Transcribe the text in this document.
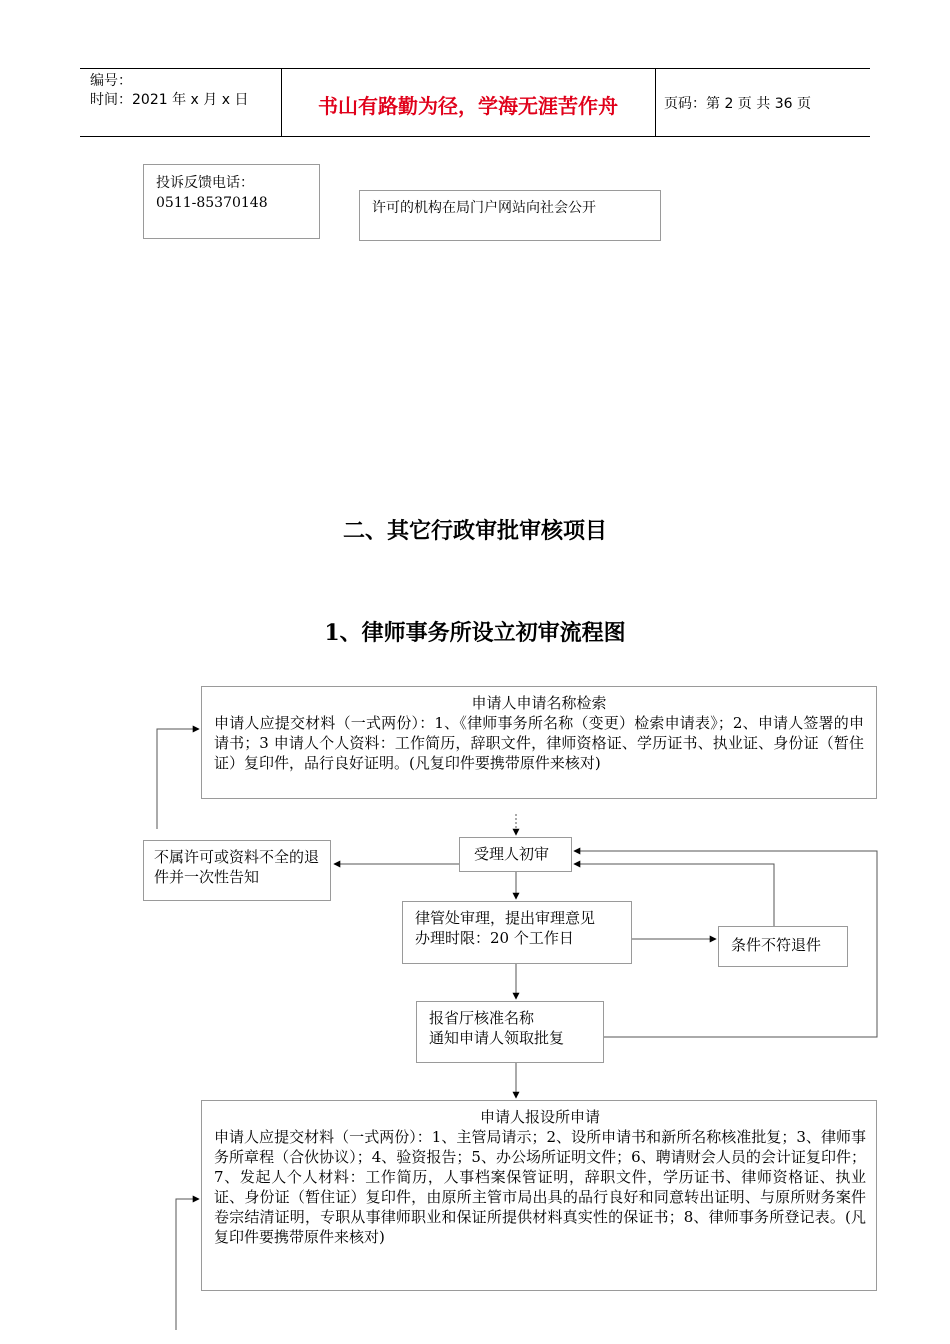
编号：
时间：2021 年 x 月 x 日	书山有路勤为径，学海无涯苦作舟	页码：第 2 页 共 36 页
投诉反馈电话：
0511-85370148	许可的机构在局门户网站向社会公开
二、其它行政审批审核项目
1、律师事务所设立初审流程图
申请人申请名称检索
申请人应提交材料（一式两份）：1、《律师事务所名称（变更）检索申请表》；2、申请人签署的申请书；3 申请人个人资料：工作简历，辞职文件，律师资格证、学历证书、执业证、身份证（暂住证）复印件，品行良好证明。(凡复印件要携带原件来核对)
不属许可或资料不全的退件并一次性告知
受理人初审
律管处审理，提出审理意见
办理时限：20 个工作日	条件不符退件
报省厅核准名称
通知申请人领取批复
申请人报设所申请
申请人应提交材料（一式两份）：1、主管局请示；2、设所申请书和新所名称核准批复；3、律师事务所章程（合伙协议）；4、验资报告；5、办公场所证明文件；6、聘请财会人员的会计证复印件；7、发起人个人材料：工作简历，人事档案保管证明，辞职文件，学历证书、律师资格证、执业证、身份证（暂住证）复印件，由原所主管市局出具的品行良好和同意转出证明、与原所财务案件卷宗结清证明，专职从事律师职业和保证所提供材料真实性的保证书；8、律师事务所登记表。(凡复印件要携带原件来核对)
